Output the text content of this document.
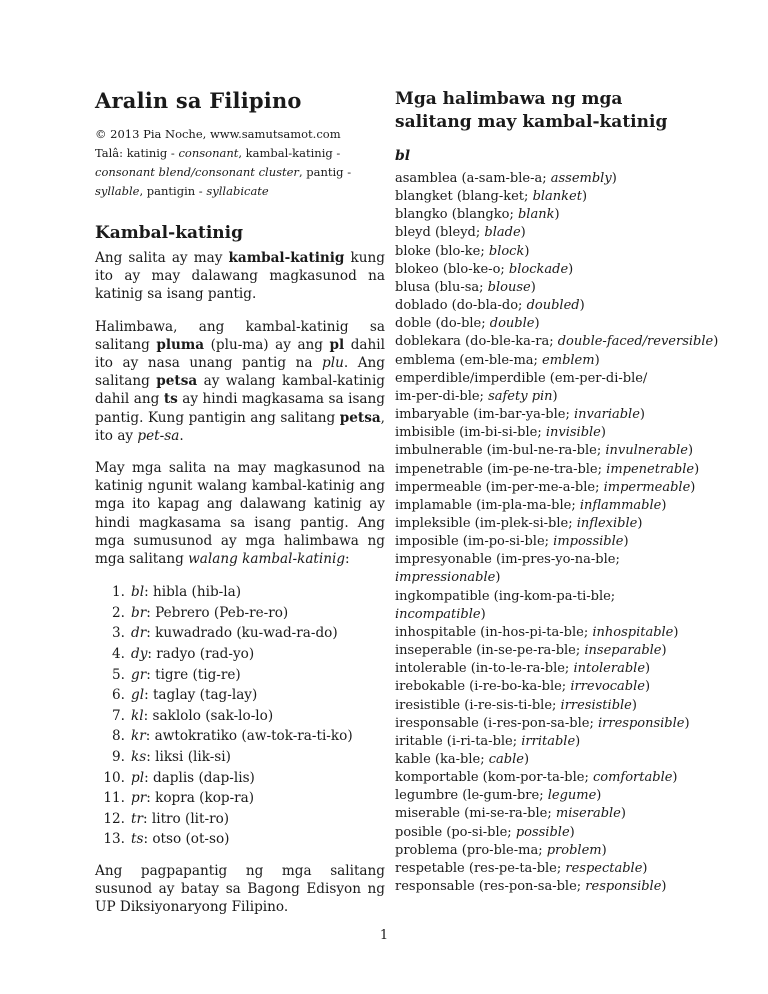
Aralin sa Filipino
© 2013 Pia Noche, www.samutsamot.com
Talâ: katinig - consonant, kambal-katinig - consonant blend/consonant cluster, pantig - syllable, pantigin - syllabicate
Kambal-katinig

Ang salita ay may kambal-katinig kung ito ay may dalawang magkasunod na katinig sa isang pantig.

Halimbawa, ang kambal-katinig sa salitang pluma (plu-ma) ay ang pl dahil ito ay nasa unang pantig na plu. Ang salitang petsa ay walang kambal-katinig dahil ang ts ay hindi magkasama sa isang pantig. Kung pantigin ang salitang petsa, ito ay pet-sa.

May mga salita na may magkasunod na katinig ngunit walang kambal-katinig ang mga ito kapag ang dalawang katinig ay hindi magkasama sa isang pantig. Ang mga sumusunod ay mga halimbawa ng mga salitang walang kambal-katinig:

1. bl: hibla (hib-la)
2. br: Pebrero (Peb-re-ro)
3. dr: kuwadrado (ku-wad-ra-do)
4. dy: radyo (rad-yo)
5. gr: tigre (tig-re)
6. gl: taglay (tag-lay)
7. kl: saklolo (sak-lo-lo)
8. kr: awtokratiko (aw-tok-ra-ti-ko)
9. ks: liksi (lik-si)
10. pl: daplis (dap-lis)
11. pr: kopra (kop-ra)
12. tr: litro (lit-ro)
13. ts: otso (ot-so)

Ang pagpapantig ng mga salitang susunod ay batay sa Bagong Edisyon ng UP Diksiyonaryong Filipino.

Mga halimbawa ng mga salitang may kambal-katinig
bl
asamblea (a-sam-ble-a; assembly)
blangket (blang-ket; blanket)
blangko (blangko; blank)
bleyd (bleyd; blade)
bloke (blo-ke; block)
blokeo (blo-ke-o; blockade)
blusa (blu-sa; blouse)
doblado (do-bla-do; doubled)
doble (do-ble; double)
doblekara (do-ble-ka-ra; double-faced/reversible)
emblema (em-ble-ma; emblem)
emperdible/imperdible (em-per-di-ble/
im-per-di-ble; safety pin)
imbaryable (im-bar-ya-ble; invariable)
imbisible (im-bi-si-ble; invisible)
imbulnerable (im-bul-ne-ra-ble; invulnerable)
impenetrable (im-pe-ne-tra-ble; impenetrable)
impermeable (im-per-me-a-ble; impermeable)
implamable (im-pla-ma-ble; inflammable)
impleksible (im-plek-si-ble; inflexible)
imposible (im-po-si-ble; impossible)
impresyonable (im-pres-yo-na-ble;
impressionable)
ingkompatible (ing-kom-pa-ti-ble;
incompatible)
inhospitable (in-hos-pi-ta-ble; inhospitable)
inseperable (in-se-pe-ra-ble; inseparable)
intolerable (in-to-le-ra-ble; intolerable)
irebokable (i-re-bo-ka-ble; irrevocable)
iresistible (i-re-sis-ti-ble; irresistible)
iresponsable (i-res-pon-sa-ble; irresponsible)
iritable (i-ri-ta-ble; irritable)
kable (ka-ble; cable)
komportable (kom-por-ta-ble; comfortable)
legumbre (le-gum-bre; legume)
miserable (mi-se-ra-ble; miserable)
posible (po-si-ble; possible)
problema (pro-ble-ma; problem)
respetable (res-pe-ta-ble; respectable)
responsable (res-pon-sa-ble; responsible)
1
